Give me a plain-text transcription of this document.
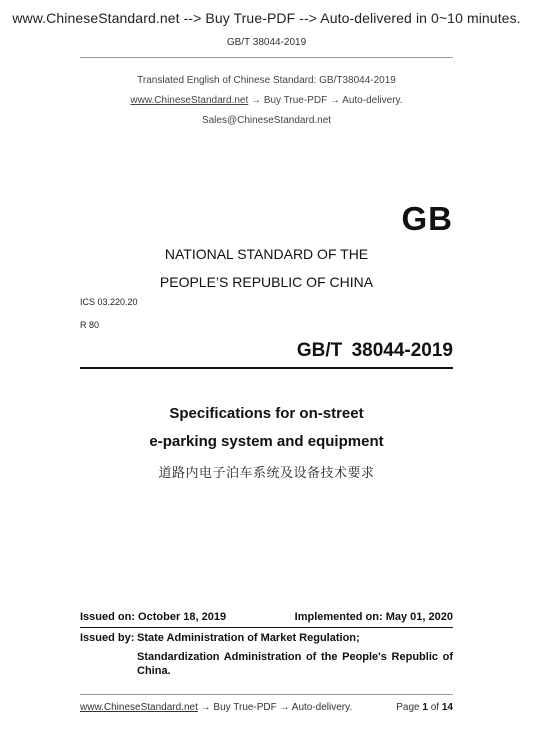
www.ChineseStandard.net --> Buy True-PDF --> Auto-delivered in 0~10 minutes.
GB/T 38044-2019
Translated English of Chinese Standard: GB/T38044-2019
www.ChineseStandard.net → Buy True-PDF → Auto-delivery.
Sales@ChineseStandard.net
GB
NATIONAL STANDARD OF THE
PEOPLE’S REPUBLIC OF CHINA
ICS 03.220.20
R 80
GB/T 38044-2019
Specifications for on-street
e-parking system and equipment
道路内电子泊车系统及设备技术要求
Issued on: October 18, 2019	Implemented on: May 01, 2020
Issued by: State Administration of Market Regulation;
Standardization Administration of the People's Republic of
China.
www.ChineseStandard.net → Buy True-PDF → Auto-delivery.	Page 1 of 14
